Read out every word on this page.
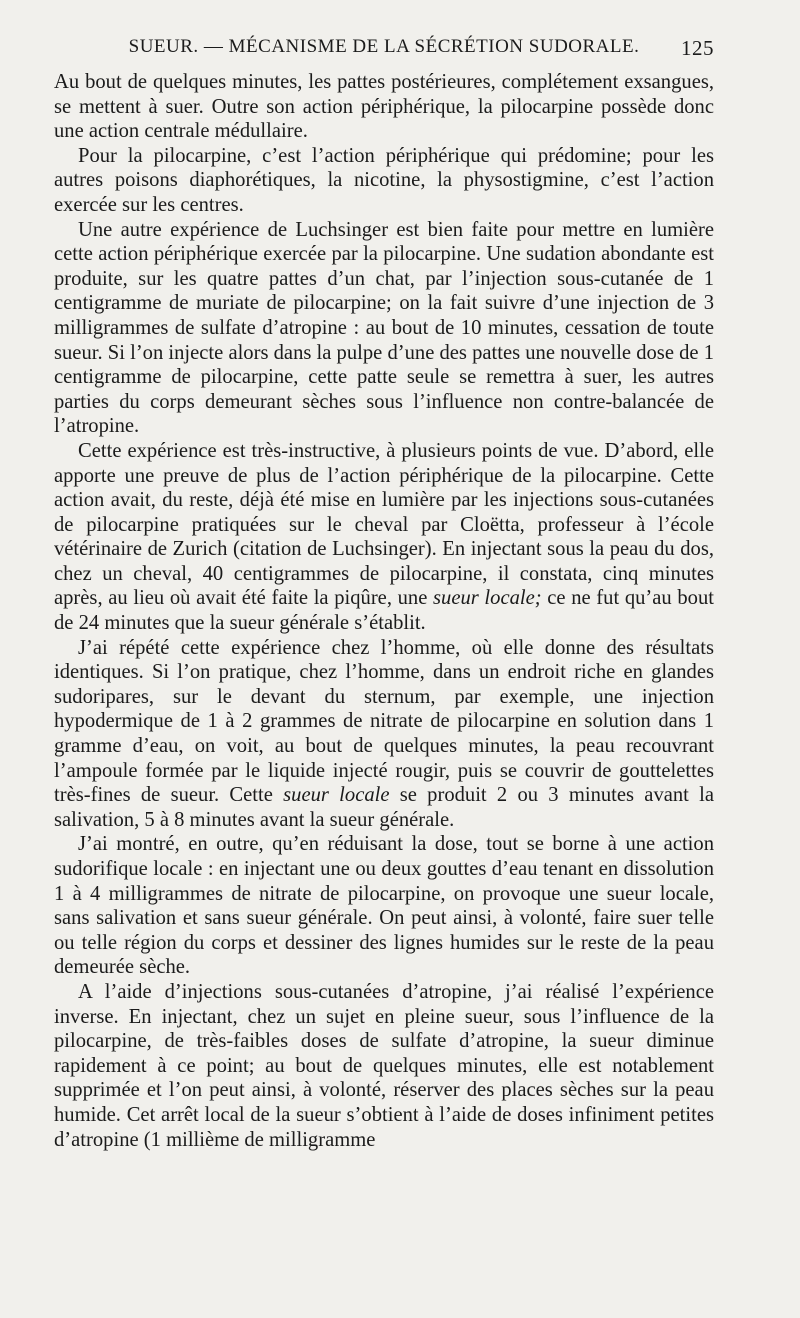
SUEUR. — MÉCANISME DE LA SÉCRÉTION SUDORALE. 125

Au bout de quelques minutes, les pattes postérieures, complétement exsangues, se mettent à suer. Outre son action périphérique, la pilocarpine possède donc une action centrale médullaire.

Pour la pilocarpine, c’est l’action périphérique qui prédomine; pour les autres poisons diaphorétiques, la nicotine, la physostigmine, c’est l’action exercée sur les centres.

Une autre expérience de Luchsinger est bien faite pour mettre en lumière cette action périphérique exercée par la pilocarpine. Une sudation abondante est produite, sur les quatre pattes d’un chat, par l’injection sous-cutanée de 1 centigramme de muriate de pilocarpine; on la fait suivre d’une injection de 3 milligrammes de sulfate d’atropine : au bout de 10 minutes, cessation de toute sueur. Si l’on injecte alors dans la pulpe d’une des pattes une nouvelle dose de 1 centigramme de pilocarpine, cette patte seule se remettra à suer, les autres parties du corps demeurant sèches sous l’influence non contre-balancée de l’atropine.

Cette expérience est très-instructive, à plusieurs points de vue. D’abord, elle apporte une preuve de plus de l’action périphérique de la pilocarpine. Cette action avait, du reste, déjà été mise en lumière par les injections sous-cutanées de pilocarpine pratiquées sur le cheval par Cloëtta, professeur à l’école vétérinaire de Zurich (citation de Luchsinger). En injectant sous la peau du dos, chez un cheval, 40 centigrammes de pilocarpine, il constata, cinq minutes après, au lieu où avait été faite la piqûre, une sueur locale; ce ne fut qu’au bout de 24 minutes que la sueur générale s’établit.

J’ai répété cette expérience chez l’homme, où elle donne des résultats identiques. Si l’on pratique, chez l’homme, dans un endroit riche en glandes sudoripares, sur le devant du sternum, par exemple, une injection hypodermique de 1 à 2 grammes de nitrate de pilocarpine en solution dans 1 gramme d’eau, on voit, au bout de quelques minutes, la peau recouvrant l’ampoule formée par le liquide injecté rougir, puis se couvrir de gouttelettes très-fines de sueur. Cette sueur locale se produit 2 ou 3 minutes avant la salivation, 5 à 8 minutes avant la sueur générale.

J’ai montré, en outre, qu’en réduisant la dose, tout se borne à une action sudorifique locale : en injectant une ou deux gouttes d’eau tenant en dissolution 1 à 4 milligrammes de nitrate de pilocarpine, on provoque une sueur locale, sans salivation et sans sueur générale. On peut ainsi, à volonté, faire suer telle ou telle région du corps et dessiner des lignes humides sur le reste de la peau demeurée sèche.

A l’aide d’injections sous-cutanées d’atropine, j’ai réalisé l’expérience inverse. En injectant, chez un sujet en pleine sueur, sous l’influence de la pilocarpine, de très-faibles doses de sulfate d’atropine, la sueur diminue rapidement à ce point; au bout de quelques minutes, elle est notablement supprimée et l’on peut ainsi, à volonté, réserver des places sèches sur la peau humide. Cet arrêt local de la sueur s’obtient à l’aide de doses infiniment petites d’atropine (1 millième de milligramme
